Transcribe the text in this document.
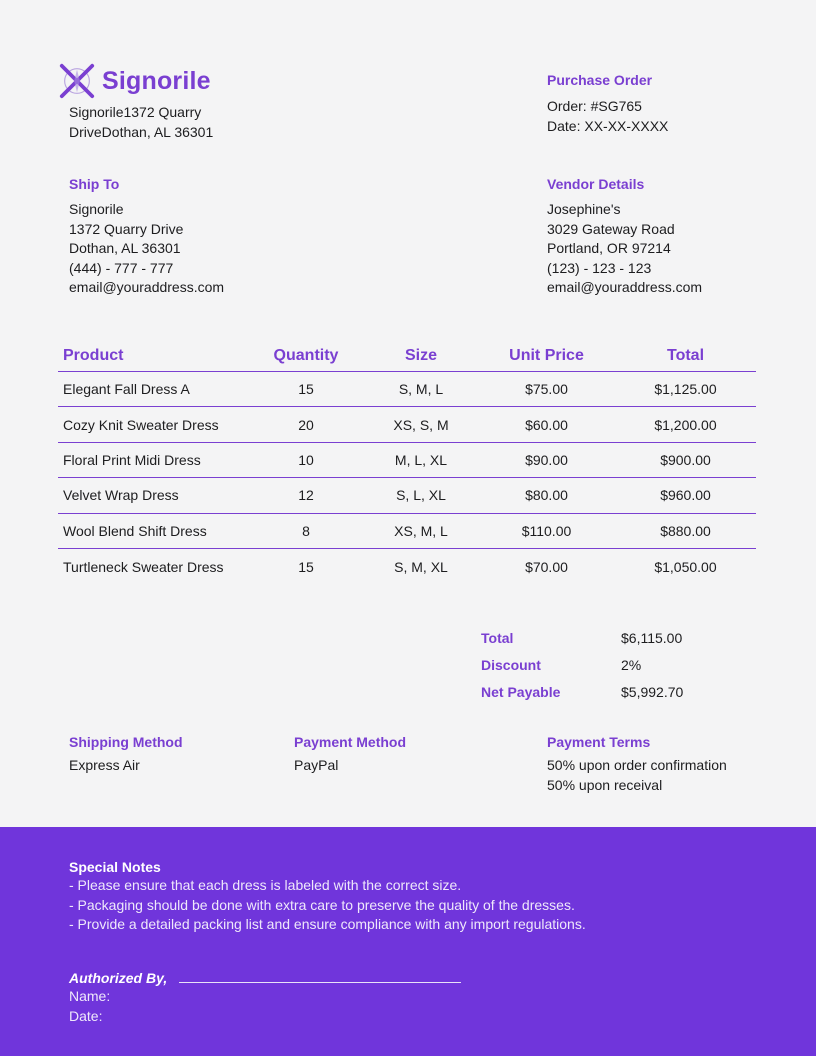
Signorile
Signorile1372 Quarry
DriveDothan, AL 36301
Purchase Order
Order: #SG765
Date: XX-XX-XXXX
Ship To
Signorile
1372 Quarry Drive
Dothan, AL 36301
(444) - 777 - 777
email@youraddress.com
Vendor Details
Josephine's
3029 Gateway Road
Portland, OR 97214
(123) - 123 - 123
email@youraddress.com
Product	Quantity	Size	Unit Price	Total
Elegant Fall Dress A	15	S, M, L	$75.00	$1,125.00
Cozy Knit Sweater Dress	20	XS, S, M	$60.00	$1,200.00
Floral Print Midi Dress	10	M, L, XL	$90.00	$900.00
Velvet Wrap Dress	12	S, L, XL	$80.00	$960.00
Wool Blend Shift Dress	8	XS, M, L	$110.00	$880.00
Turtleneck Sweater Dress	15	S, M, XL	$70.00	$1,050.00
Total	$6,115.00
Discount	2%
Net Payable	$5,992.70
Shipping Method
Express Air
Payment Method
PayPal
Payment Terms
50% upon order confirmation
50% upon receival
Special Notes
- Please ensure that each dress is labeled with the correct size.
- Packaging should be done with extra care to preserve the quality of the dresses.
- Provide a detailed packing list and ensure compliance with any import regulations.
Authorized By,
Name:
Date:
